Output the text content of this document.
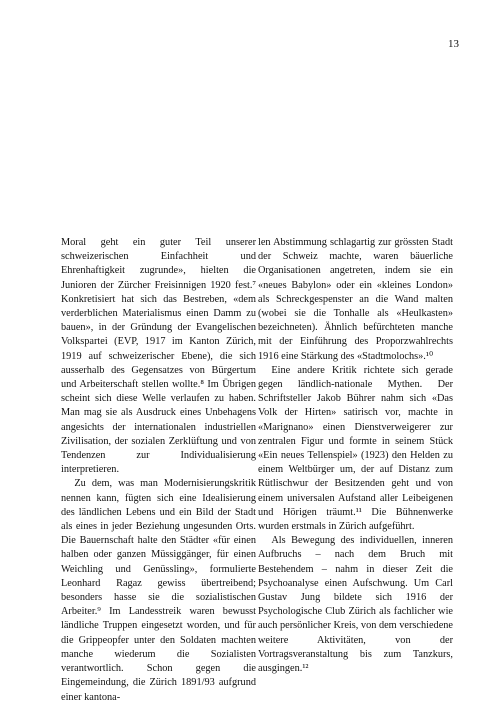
13

Moral geht ein guter Teil unserer schweizerischen Einfachheit und Ehrenhaftigkeit zugrunde», hielten die Junioren der Zürcher Freisinnigen 1920 fest.⁷ Konkretisiert hat sich das Bestreben, «dem verderblichen Materialismus einen Damm zu bauen», in der Gründung der Evangelischen Volkspartei (EVP, 1917 im Kanton Zürich, 1919 auf schweizerischer Ebene), die sich ausserhalb des Gegensatzes von Bürgertum und Arbeiterschaft stellen wollte.⁸ Im Übrigen scheint sich diese Welle verlaufen zu haben. Man mag sie als Ausdruck eines Unbehagens angesichts der internationalen industriellen Zivilisation, der sozialen Zerklüftung und von Tendenzen zur Individualisierung interpretieren.

Zu dem, was man Modernisierungskritik nennen kann, fügten sich eine Idealisierung des ländlichen Lebens und ein Bild der Stadt als eines in jeder Beziehung ungesunden Orts. Die Bauernschaft halte den Städter «für einen halben oder ganzen Müssiggänger, für einen Weichling und Genüssling», formulierte Leonhard Ragaz gewiss übertreibend; besonders hasse sie die sozialistischen Arbeiter.⁹ Im Landesstreik waren bewusst ländliche Truppen eingesetzt worden, und für die Grippeopfer unter den Soldaten machten manche wiederum die Sozialisten verantwortlich. Schon gegen die Eingemeindung, die Zürich 1891/93 aufgrund einer kantona-

len Abstimmung schlagartig zur grössten Stadt der Schweiz machte, waren bäuerliche Organisationen angetreten, indem sie ein «neues Babylon» oder ein «kleines London» als Schreckgespenster an die Wand malten (wobei sie die Tonhalle als «Heulkasten» bezeichneten). Ähnlich befürchteten manche mit der Einführung des Proporzwahlrechts 1916 eine Stärkung des «Stadtmolochs».¹⁰

Eine andere Kritik richtete sich gerade gegen ländlich-nationale Mythen. Der Schriftsteller Jakob Bührer nahm sich «Das Volk der Hirten» satirisch vor, machte in «Marignano» einen Dienstverweigerer zur zentralen Figur und formte in seinem Stück «Ein neues Tellenspiel» (1923) den Helden zu einem Weltbürger um, der auf Distanz zum Rütlischwur der Besitzenden geht und von einem universalen Aufstand aller Leibeigenen und Hörigen träumt.¹¹ Die Bühnenwerke wurden erstmals in Zürich aufgeführt.

Als Bewegung des individuellen, inneren Aufbruchs – nach dem Bruch mit Bestehendem – nahm in dieser Zeit die Psychoanalyse einen Aufschwung. Um Carl Gustav Jung bildete sich 1916 der Psychologische Club Zürich als fachlicher wie auch persönlicher Kreis, von dem verschiedene weitere Aktivitäten, von der Vortragsveranstaltung bis zum Tanzkurs, ausgingen.¹²
